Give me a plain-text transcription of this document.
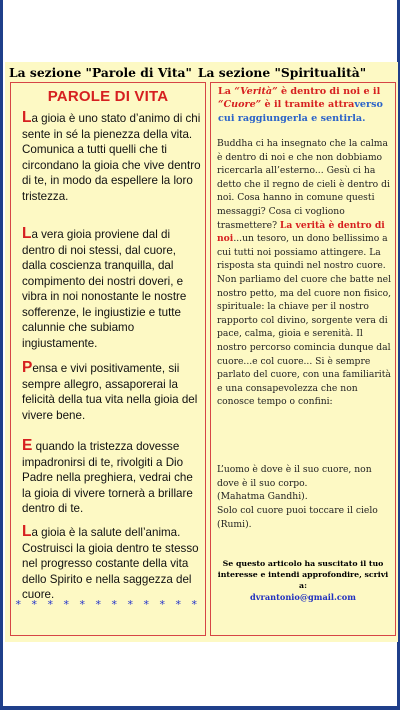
La sezione "Parole di Vita" La sezione "Spiritualità"
PAROLE DI VITA

La gioia è uno stato d’animo di chi sente in sé la pienezza della vita. Comunica a tutti quelli che ti circondano la gioia che vive dentro di te, in modo da espellere la loro tristezza.

La vera gioia proviene dal di dentro di noi stessi, dal cuore, dalla coscienza tranquilla, dal compimento dei nostri doveri, e vibra in noi nonostante le nostre sofferenze, le ingiustizie e tutte calunnie che subiamo ingiustamente.

Pensa e vivi positivamente, sii sempre allegro, assaporerai la felicità della tua vita nella gioia del vivere bene.

E quando la tristezza dovesse impadronirsi di te, rivolgiti a Dio Padre nella preghiera, vedrai che la gioia di vivere tornerà a brillare dentro di te.

La gioia è la salute dell’anima. Costruisci la gioia dentro te stesso nel progresso costante della vita dello Spirito e nella saggezza del cuore.

* * * * * * * * * * * *

La “Verità” è dentro di noi e il “Cuore” è il tramite attraverso cui raggiungerla e sentirla.

Buddha ci ha insegnato che la calma è dentro di noi e che non dobbiamo ricercarla all’esterno... Gesù ci ha detto che il regno de cieli è dentro di noi. Cosa hanno in comune questi messaggi? Cosa ci vogliono trasmettere? La verità è dentro di noi...un tesoro, un dono bellissimo a cui tutti noi possiamo attingere. La risposta sta quindi nel nostro cuore. Non parliamo del cuore che batte nel nostro petto, ma del cuore non fisico, spirituale: la chiave per il nostro rapporto col divino, sorgente vera di pace, calma, gioia e serenità. Il nostro percorso comincia dunque dal cuore...e col cuore... Si è sempre parlato del cuore, con una familiarità e una consapevolezza che non conosce tempo o confini:

L’uomo è dove è il suo cuore, non dove è il suo corpo.

(Mahatma Gandhi).

Solo col cuore puoi toccare il cielo (Rumi).

Se questo articolo ha suscitato il tuo interesse e intendi approfondire, scrivi a:
dvrantonio@gmail.com
